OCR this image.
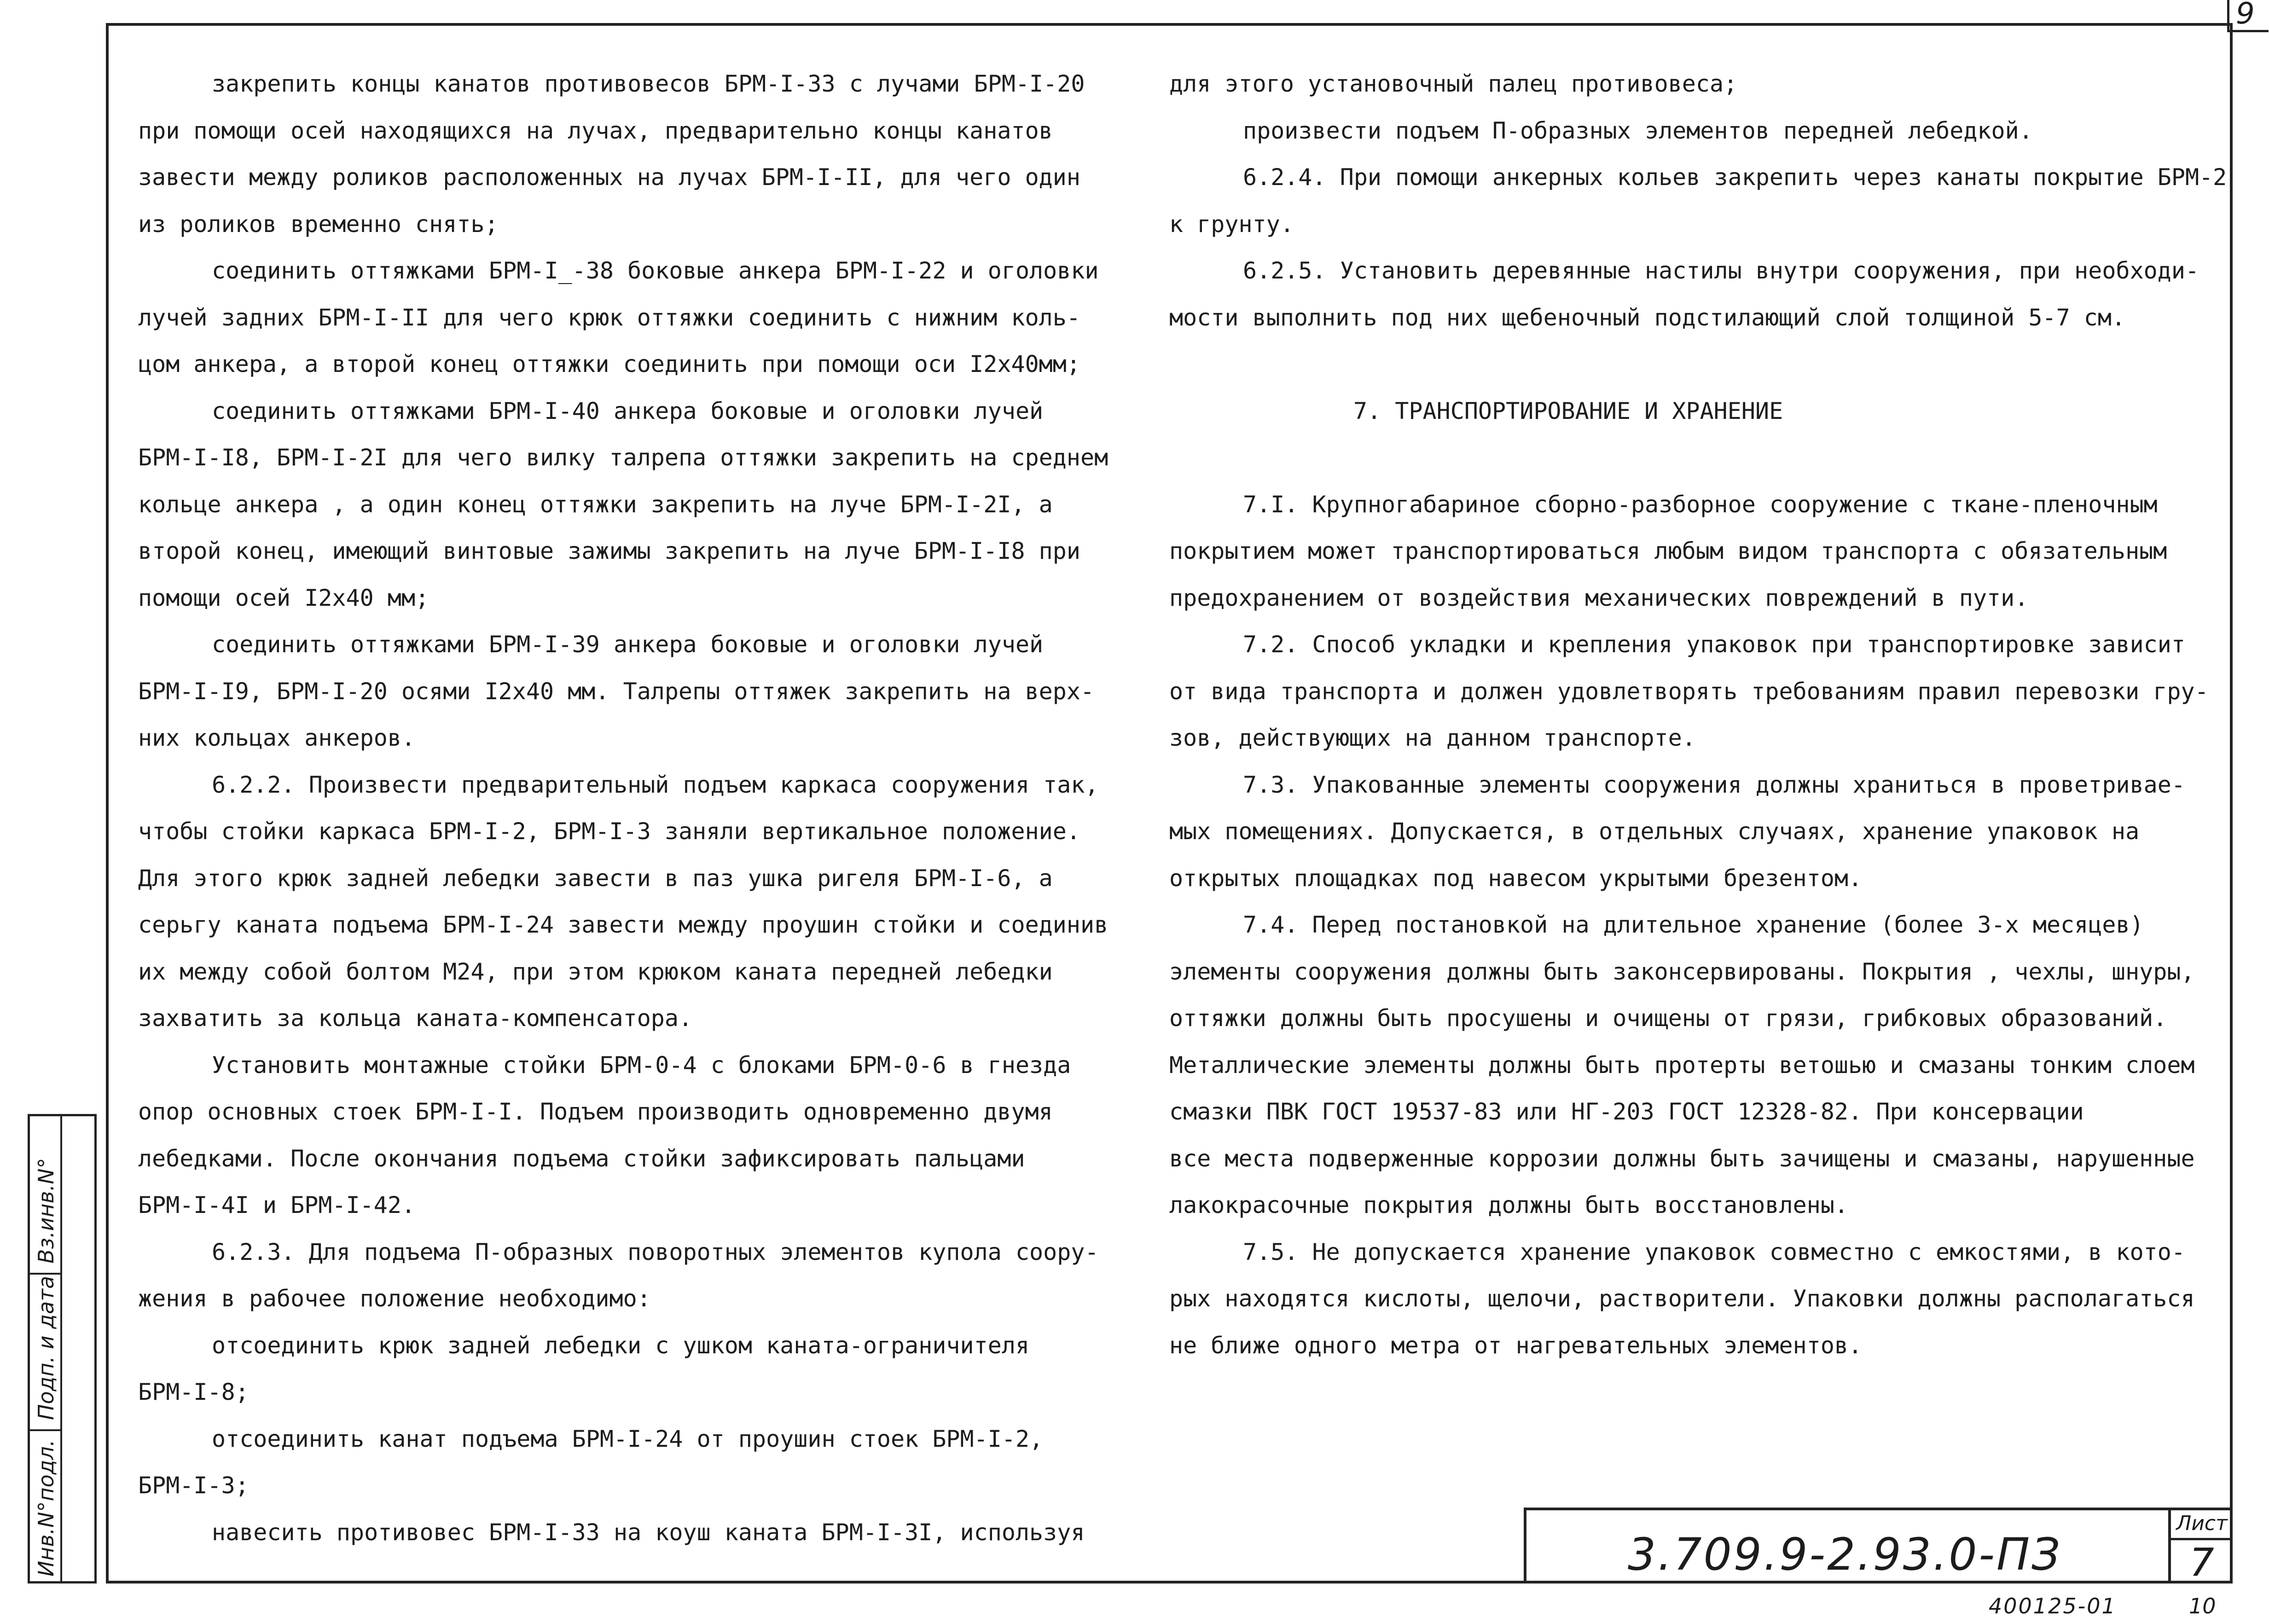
9
Инв.N°подл.
Подп. и дата
Вз.инв.N°
закрепить концы канатов противовесов БРМ-I-33 с лучами БРМ-I-20
при помощи осей находящихся на лучах, предварительно концы канатов
завести между роликов расположенных на лучах БРМ-I-II, для чего один
из роликов временно снять;
соединить оттяжками БРМ-I_-38 боковые анкера БРМ-I-22 и оголовки
лучей задних БРМ-I-II для чего крюк оттяжки соединить с нижним коль-
цом анкера, а второй конец оттяжки соединить при помощи оси I2х40мм;
соединить оттяжками БРМ-I-40 анкера боковые и оголовки лучей
БРМ-I-I8, БРМ-I-2I для чего вилку талрепа оттяжки закрепить на среднем
кольце анкера , а один конец оттяжки закрепить на луче БРМ-I-2I, а
второй конец, имеющий винтовые зажимы закрепить на луче БРМ-I-I8 при
помощи осей I2х40 мм;
соединить оттяжками БРМ-I-39 анкера боковые и оголовки лучей
БРМ-I-I9, БРМ-I-20 осями I2х40 мм. Талрепы оттяжек закрепить на верх-
них кольцах анкеров.
6.2.2. Произвести предварительный подъем каркаса сооружения так,
чтобы стойки каркаса БРМ-I-2, БРМ-I-3 заняли вертикальное положение.
Для этого крюк задней лебедки завести в паз ушка ригеля БРМ-I-6, а
серьгу каната подъема БРМ-I-24 завести между проушин стойки и соединив
их между собой болтом М24, при этом крюком каната передней лебедки
захватить за кольца каната-компенсатора.
Установить монтажные стойки БРМ-0-4 с блоками БРМ-0-6 в гнезда
опор основных стоек БРМ-I-I. Подъем производить одновременно двумя
лебедками. После окончания подъема стойки зафиксировать пальцами
БРМ-I-4I и БРМ-I-42.
6.2.3. Для подъема П-образных поворотных элементов купола соору-
жения в рабочее положение необходимо:
отсоединить крюк задней лебедки с ушком каната-ограничителя
БРМ-I-8;
отсоединить канат подъема БРМ-I-24 от проушин стоек БРМ-I-2,
БРМ-I-3;
навесить противовес БРМ-I-33 на коуш каната БРМ-I-3I, используя
для этого установочный палец противовеса;
произвести подъем П-образных элементов передней лебедкой.
6.2.4. При помощи анкерных кольев закрепить через канаты покрытие БРМ-2
к грунту.
6.2.5. Установить деревянные настилы внутри сооружения, при необходи-
мости выполнить под них щебеночный подстилающий слой толщиной 5-7 см.
7. ТРАНСПОРТИРОВАНИЕ И ХРАНЕНИЕ
7.I. Крупногабариное сборно-разборное сооружение с ткане-пленочным
покрытием может транспортироваться любым видом транспорта с обязательным
предохранением от воздействия механических повреждений в пути.
7.2. Способ укладки и крепления упаковок при транспортировке зависит
от вида транспорта и должен удовлетворять требованиям правил перевозки гру-
зов, действующих на данном транспорте.
7.3. Упакованные элементы сооружения должны храниться в проветривае-
мых помещениях. Допускается, в отдельных случаях, хранение упаковок на
открытых площадках под навесом укрытыми брезентом.
7.4. Перед постановкой на длительное хранение (более 3-х месяцев)
элементы сооружения должны быть законсервированы. Покрытия , чехлы, шнуры,
оттяжки должны быть просушены и очищены от грязи, грибковых образований.
Металлические элементы должны быть протерты ветошью и смазаны тонким слоем
смазки ПВК ГОСТ 19537-83 или НГ-203 ГОСТ 12328-82. При консервации
все места подверженные коррозии должны быть зачищены и смазаны, нарушенные
лакокрасочные покрытия должны быть восстановлены.
7.5. Не допускается хранение упаковок совместно с емкостями, в кото-
рых находятся кислоты, щелочи, растворители. Упаковки должны располагаться
не ближе одного метра от нагревательных элементов.
3.709.9-2.93.0-ПЗ
Лист
7
400125-01	10
